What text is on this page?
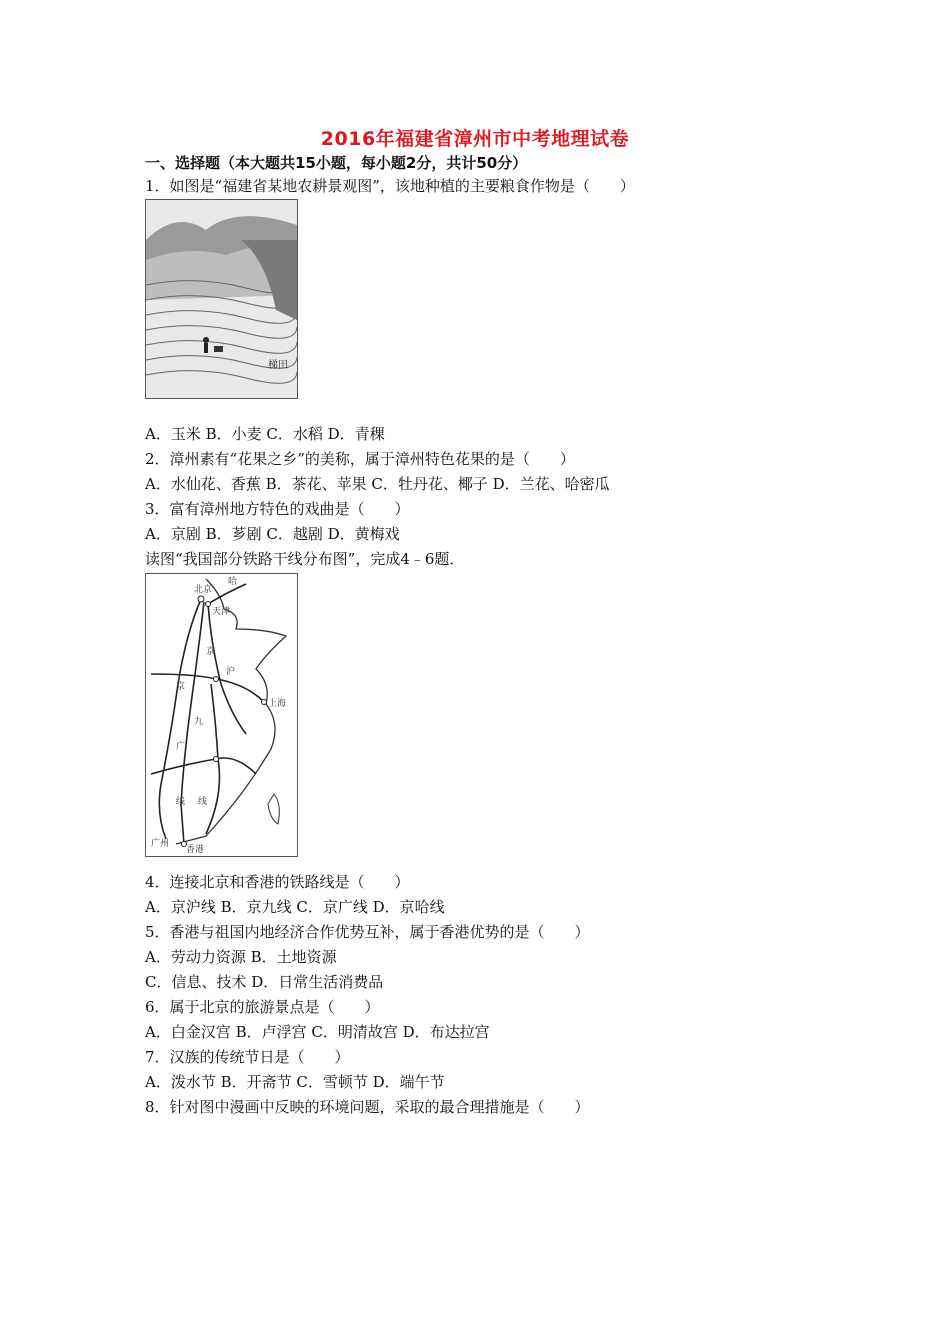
2016年福建省漳州市中考地理试卷
一、选择题（本大题共15小题，每小题2分，共计50分）
1．如图是“福建省某地农耕景观图”，该地种植的主要粮食作物是（　　）
梯田
A．玉米 B．小麦 C．水稻 D．青稞
2．漳州素有“花果之乡”的美称，属于漳州特色花果的是（　　）
A．水仙花、香蕉 B．茶花、苹果 C．牡丹花、椰子 D．兰花、哈密瓜
3．富有漳州地方特色的戏曲是（　　）
A．京剧 B．芗剧 C．越剧 D．黄梅戏
读图“我国部分铁路干线分布图”，完成4﹣6题．
北京
哈
天津
京
沪
京
九
广
线 线
上海
广州
香港
4．连接北京和香港的铁路线是（　　）
A．京沪线 B．京九线 C．京广线 D．京哈线
5．香港与祖国内地经济合作优势互补，属于香港优势的是（　　）
A．劳动力资源 B．土地资源
C．信息、技术 D．日常生活消费品
6．属于北京的旅游景点是（　　）
A．白金汉宫 B．卢浮宫 C．明清故宫 D．布达拉宫
7．汉族的传统节日是（　　）
A．泼水节 B．开斋节 C．雪顿节 D．端午节
8．针对图中漫画中反映的环境问题，采取的最合理措施是（　　）
